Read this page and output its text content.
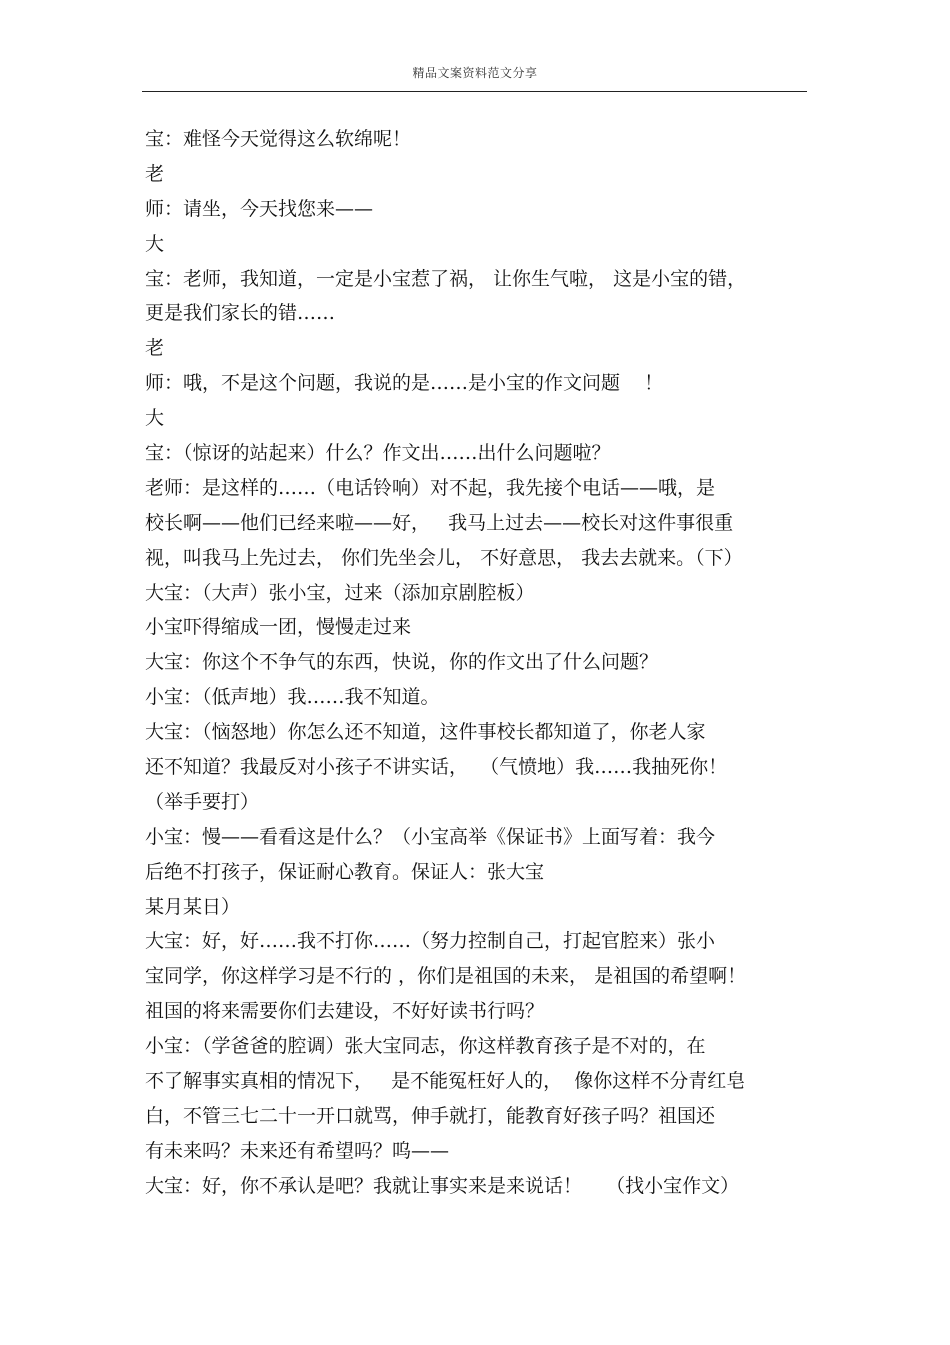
精品文案资料范文分享
宝：难怪今天觉得这么软绵呢！
老
师：请坐，今天找您来——
大
宝：老师，我知道，一定是小宝惹了祸， 让你生气啦， 这是小宝的错，
更是我们家长的错……
老
师：哦，不是这个问题，我说的是……是小宝的作文问题    ！
大
宝：（惊讶的站起来）什么？作文出……出什么问题啦？
老师：是这样的……（电话铃响）对不起，我先接个电话——哦，是
校长啊——他们已经来啦——好，   我马上过去——校长对这件事很重
视，叫我马上先过去， 你们先坐会儿， 不好意思， 我去去就来。（下）
大宝：（大声）张小宝，过来（添加京剧腔板）
小宝吓得缩成一团，慢慢走过来
大宝：你这个不争气的东西，快说，你的作文出了什么问题？
小宝：（低声地）我……我不知道。
大宝：（恼怒地）你怎么还不知道，这件事校长都知道了，你老人家
还不知道？我最反对小孩子不讲实话，  （气愤地）我……我抽死你！
（举手要打）
小宝：慢——看看这是什么？（小宝高举《保证书》上面写着：我今
后绝不打孩子，保证耐心教育。保证人：张大宝
某月某日）
大宝：好，好……我不打你……（努力控制自己，打起官腔来）张小
宝同学，你这样学习是不行的 ，你们是祖国的未来， 是祖国的希望啊！
祖国的将来需要你们去建设，不好好读书行吗？
小宝：（学爸爸的腔调）张大宝同志，你这样教育孩子是不对的，在
不了解事实真相的情况下，   是不能冤枉好人的，  像你这样不分青红皂
白，不管三七二十一开口就骂，伸手就打，能教育好孩子吗？祖国还
有未来吗？未来还有希望吗？呜——
大宝：好，你不承认是吧？我就让事实来是来说话！    （找小宝作文）
